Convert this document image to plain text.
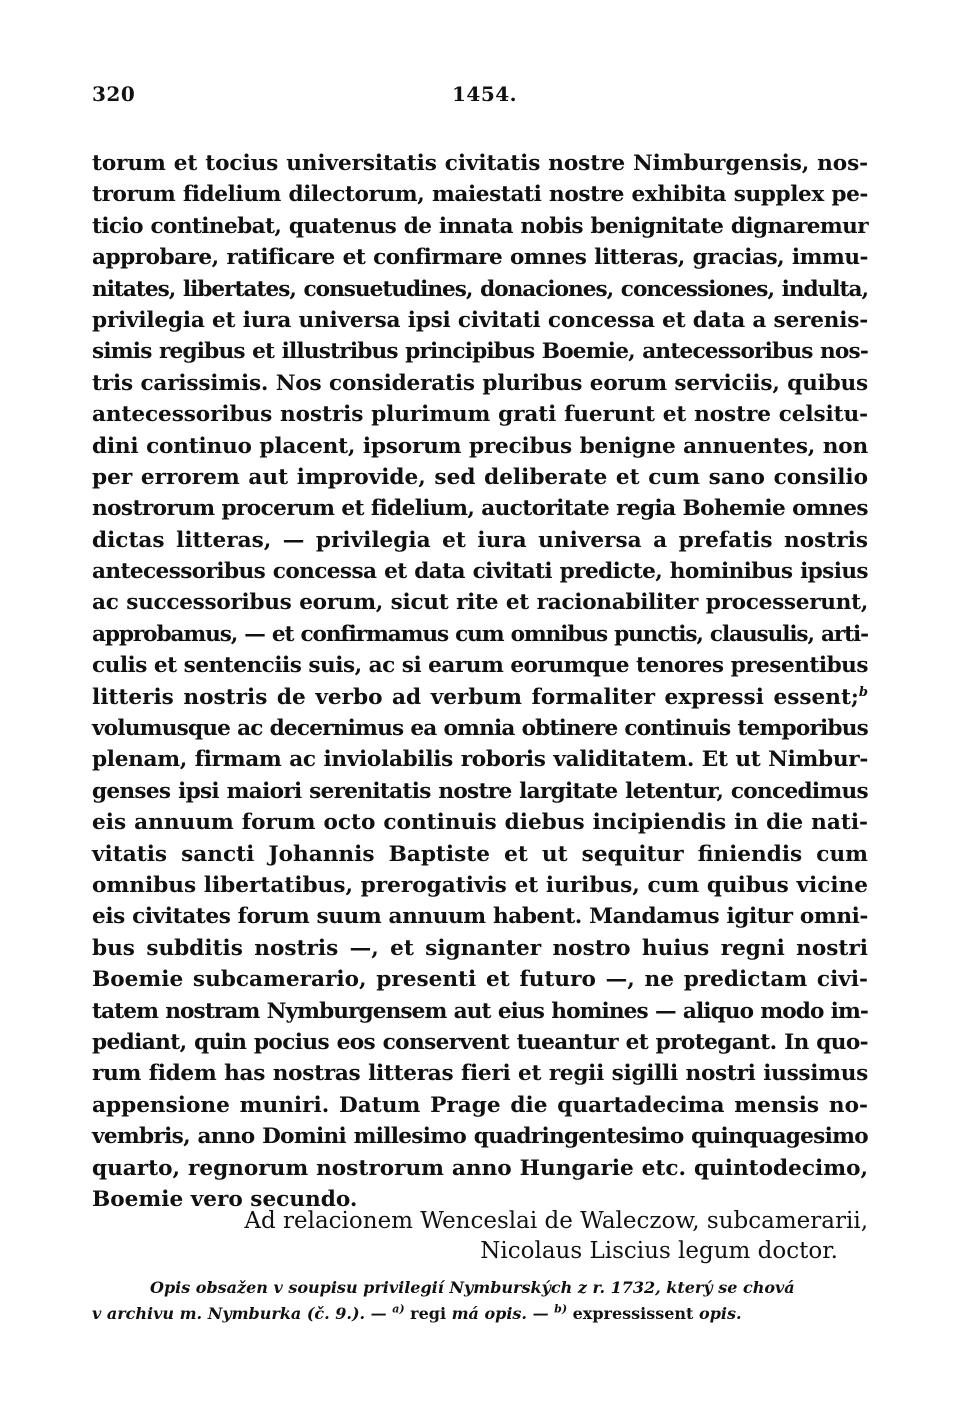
320	1454.
torum et tocius universitatis civitatis nostre Nimburgensis, nos-
trorum fidelium dilectorum, maiestati nostre exhibita supplex pe-
ticio continebat, quatenus de innata nobis benignitate dignaremur
approbare, ratificare et confirmare omnes litteras, gracias, immu-
nitates, libertates, consuetudines, donaciones, concessiones, indulta,
privilegia et iura universa ipsi civitati concessa et data a serenis-
simis regibus et illustribus principibus Boemie, antecessoribus nos-
tris carissimis. Nos consideratis pluribus eorum serviciis, quibus
antecessoribus nostris plurimum grati fuerunt et nostre celsitu-
dini continuo placent, ipsorum precibus benigne annuentes, non
per errorem aut improvide, sed deliberate et cum sano consilio
nostrorum procerum et fidelium, auctoritate regia Bohemie omnes
dictas litteras, — privilegia et iura universa a prefatis nostris
antecessoribus concessa et data civitati predicte, hominibus ipsius
ac successoribus eorum, sicut rite et racionabiliter processerunt,
approbamus, — et confirmamus cum omnibus punctis, clausulis, arti-
culis et sentenciis suis, ac si earum eorumque tenores presentibus
litteris nostris de verbo ad verbum formaliter expressi essent;$^b$
volumusque ac decernimus ea omnia obtinere continuis temporibus
plenam, firmam ac inviolabilis roboris validitatem. Et ut Nimbur-
genses ipsi maiori serenitatis nostre largitate letentur, concedimus
eis annuum forum octo continuis diebus incipiendis in die nati-
vitatis sancti Johannis Baptiste et ut sequitur finiendis cum
omnibus libertatibus, prerogativis et iuribus, cum quibus vicine
eis civitates forum suum annuum habent. Mandamus igitur omni-
bus subditis nostris —, et signanter nostro huius regni nostri
Boemie subcamerario, presenti et futuro —, ne predictam civi-
tatem nostram Nymburgensem aut eius homines — aliquo modo im-
pediant, quin pocius eos conservent tueantur et protegant. In quo-
rum fidem has nostras litteras fieri et regii sigilli nostri iussimus
appensione muniri. Datum Prage die quartadecima mensis no-
vembris, anno Domini millesimo quadringentesimo quinquagesimo
quarto, regnorum nostrorum anno Hungarie etc. quintodecimo,
Boemie vero secundo.
Ad relacionem Wenceslai de Waleczow, subcamerarii,
Nicolaus Liscius legum doctor.
Opis obsažen v soupisu privilegií Nymburských z r. 1732, který se chová
v archivu m. Nymburka (č. 9.). — $^{a)}$ regi má opis. — $^{b)}$ expressissent opis.
